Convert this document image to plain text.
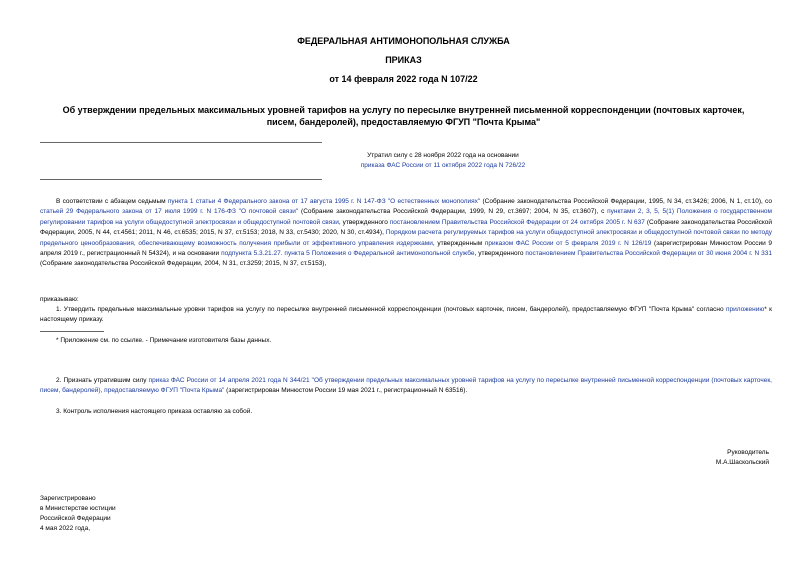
ФЕДЕРАЛЬНАЯ АНТИМОНОПОЛЬНАЯ СЛУЖБА
ПРИКАЗ
от 14 февраля 2022 года N 107/22
Об утверждении предельных максимальных уровней тарифов на услугу по пересылке внутренней письменной корреспонденции (почтовых карточек, писем, бандеролей), предоставляемую ФГУП "Почта Крыма"
Утратил силу с 28 ноября 2022 года на основании
приказа ФАС России от 11 октября 2022 года N 726/22
В соответствии с абзацем седьмым пункта 1 статьи 4 Федерального закона от 17 августа 1995 г. N 147-ФЗ "О естественных монополиях" (Собрание законодательства Российской Федерации, 1995, N 34, ст.3426; 2006, N 1, ст.10), со статьей 29 Федерального закона от 17 июля 1999 г. N 176-ФЗ "О почтовой связи" (Собрание законодательства Российской Федерации, 1999, N 29, ст.3697; 2004, N 35, ст.3607), с пунктами 2, 3, 5, 5(1) Положения о государственном регулировании тарифов на услуги общедоступной электросвязи и общедоступной почтовой связи, утвержденного постановлением Правительства Российской Федерации от 24 октября 2005 г. N 637 (Собрание законодательства Российской Федерации, 2005, N 44, ст.4561; 2011, N 46, ст.6535; 2015, N 37, ст.5153; 2018, N 33, ст.5430; 2020, N 30, ст.4934), Порядком расчета регулируемых тарифов на услуги общедоступной электросвязи и общедоступной почтовой связи по методу предельного ценообразования, обеспечивающему возможность получения прибыли от эффективного управления издержками, утвержденным приказом ФАС России от 5 февраля 2019 г. N 126/19 (зарегистрирован Минюстом России 9 апреля 2019 г., регистрационный N 54324), и на основании подпункта 5.3.21.27. пункта 5 Положения о Федеральной антимонопольной службе, утвержденного постановлением Правительства Российской Федерации от 30 июня 2004 г. N 331 (Собрание законодательства Российской Федерации, 2004, N 31, ст.3259; 2015, N 37, ст.5153),
приказываю:
1. Утвердить предельные максимальные уровни тарифов на услугу по пересылке внутренней письменной корреспонденции (почтовых карточек, писем, бандеролей), предоставляемую ФГУП "Почта Крыма" согласно приложению* к настоящему приказу.
* Приложение см. по ссылке. - Примечание изготовителя базы данных.
2. Признать утратившим силу приказ ФАС России от 14 апреля 2021 года N 344/21 "Об утверждении предельных максимальных уровней тарифов на услугу по пересылке внутренней письменной корреспонденции (почтовых карточек, писем, бандеролей), предоставляемую ФГУП "Почта Крыма" (зарегистрирован Минюстом России 19 мая 2021 г., регистрационный N 63516).
3. Контроль исполнения настоящего приказа оставляю за собой.
Руководитель
М.А.Шаскольский
Зарегистрировано
в Министерстве юстиции
Российской Федерации
4 мая 2022 года,
